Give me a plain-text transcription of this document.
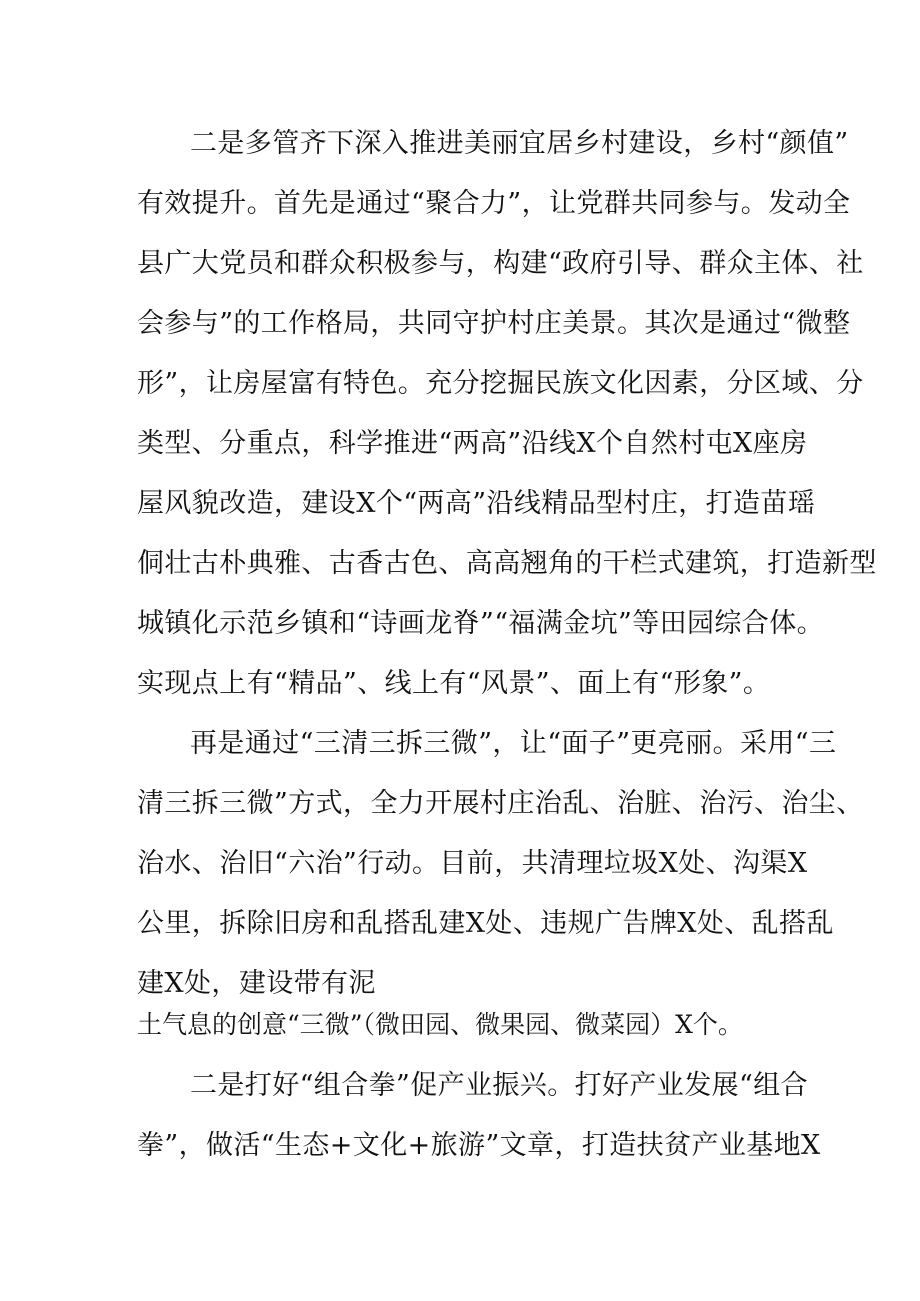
二是多管齐下深入推进美丽宜居乡村建设，乡村“颜值”
有效提升。首先是通过“聚合力”，让党群共同参与。发动全
县广大党员和群众积极参与，构建“政府引导、群众主体、社
会参与”的工作格局，共同守护村庄美景。其次是通过“微整
形”，让房屋富有特色。充分挖掘民族文化因素，分区域、分
类型、分重点，科学推进“两高”沿线X个自然村屯X座房
屋风貌改造，建设X个“两高”沿线精品型村庄，打造苗瑶
侗壮古朴典雅、古香古色、高高翘角的干栏式建筑，打造新型
城镇化示范乡镇和“诗画龙脊”“福满金坑”等田园综合体。
实现点上有“精品”、线上有“风景”、面上有“形象”。
再是通过“三清三拆三微”，让“面子”更亮丽。采用“三
清三拆三微”方式，全力开展村庄治乱、治脏、治污、治尘、
治水、治旧“六治”行动。目前，共清理垃圾X处、沟渠X
公里，拆除旧房和乱搭乱建X处、违规广告牌X处、乱搭乱
建X处，建设带有泥
土气息的创意“三微”（微田园、微果园、微菜园）X个。
二是打好“组合拳”促产业振兴。打好产业发展“组合
拳”，做活“生态+文化+旅游”文章，打造扶贫产业基地X
